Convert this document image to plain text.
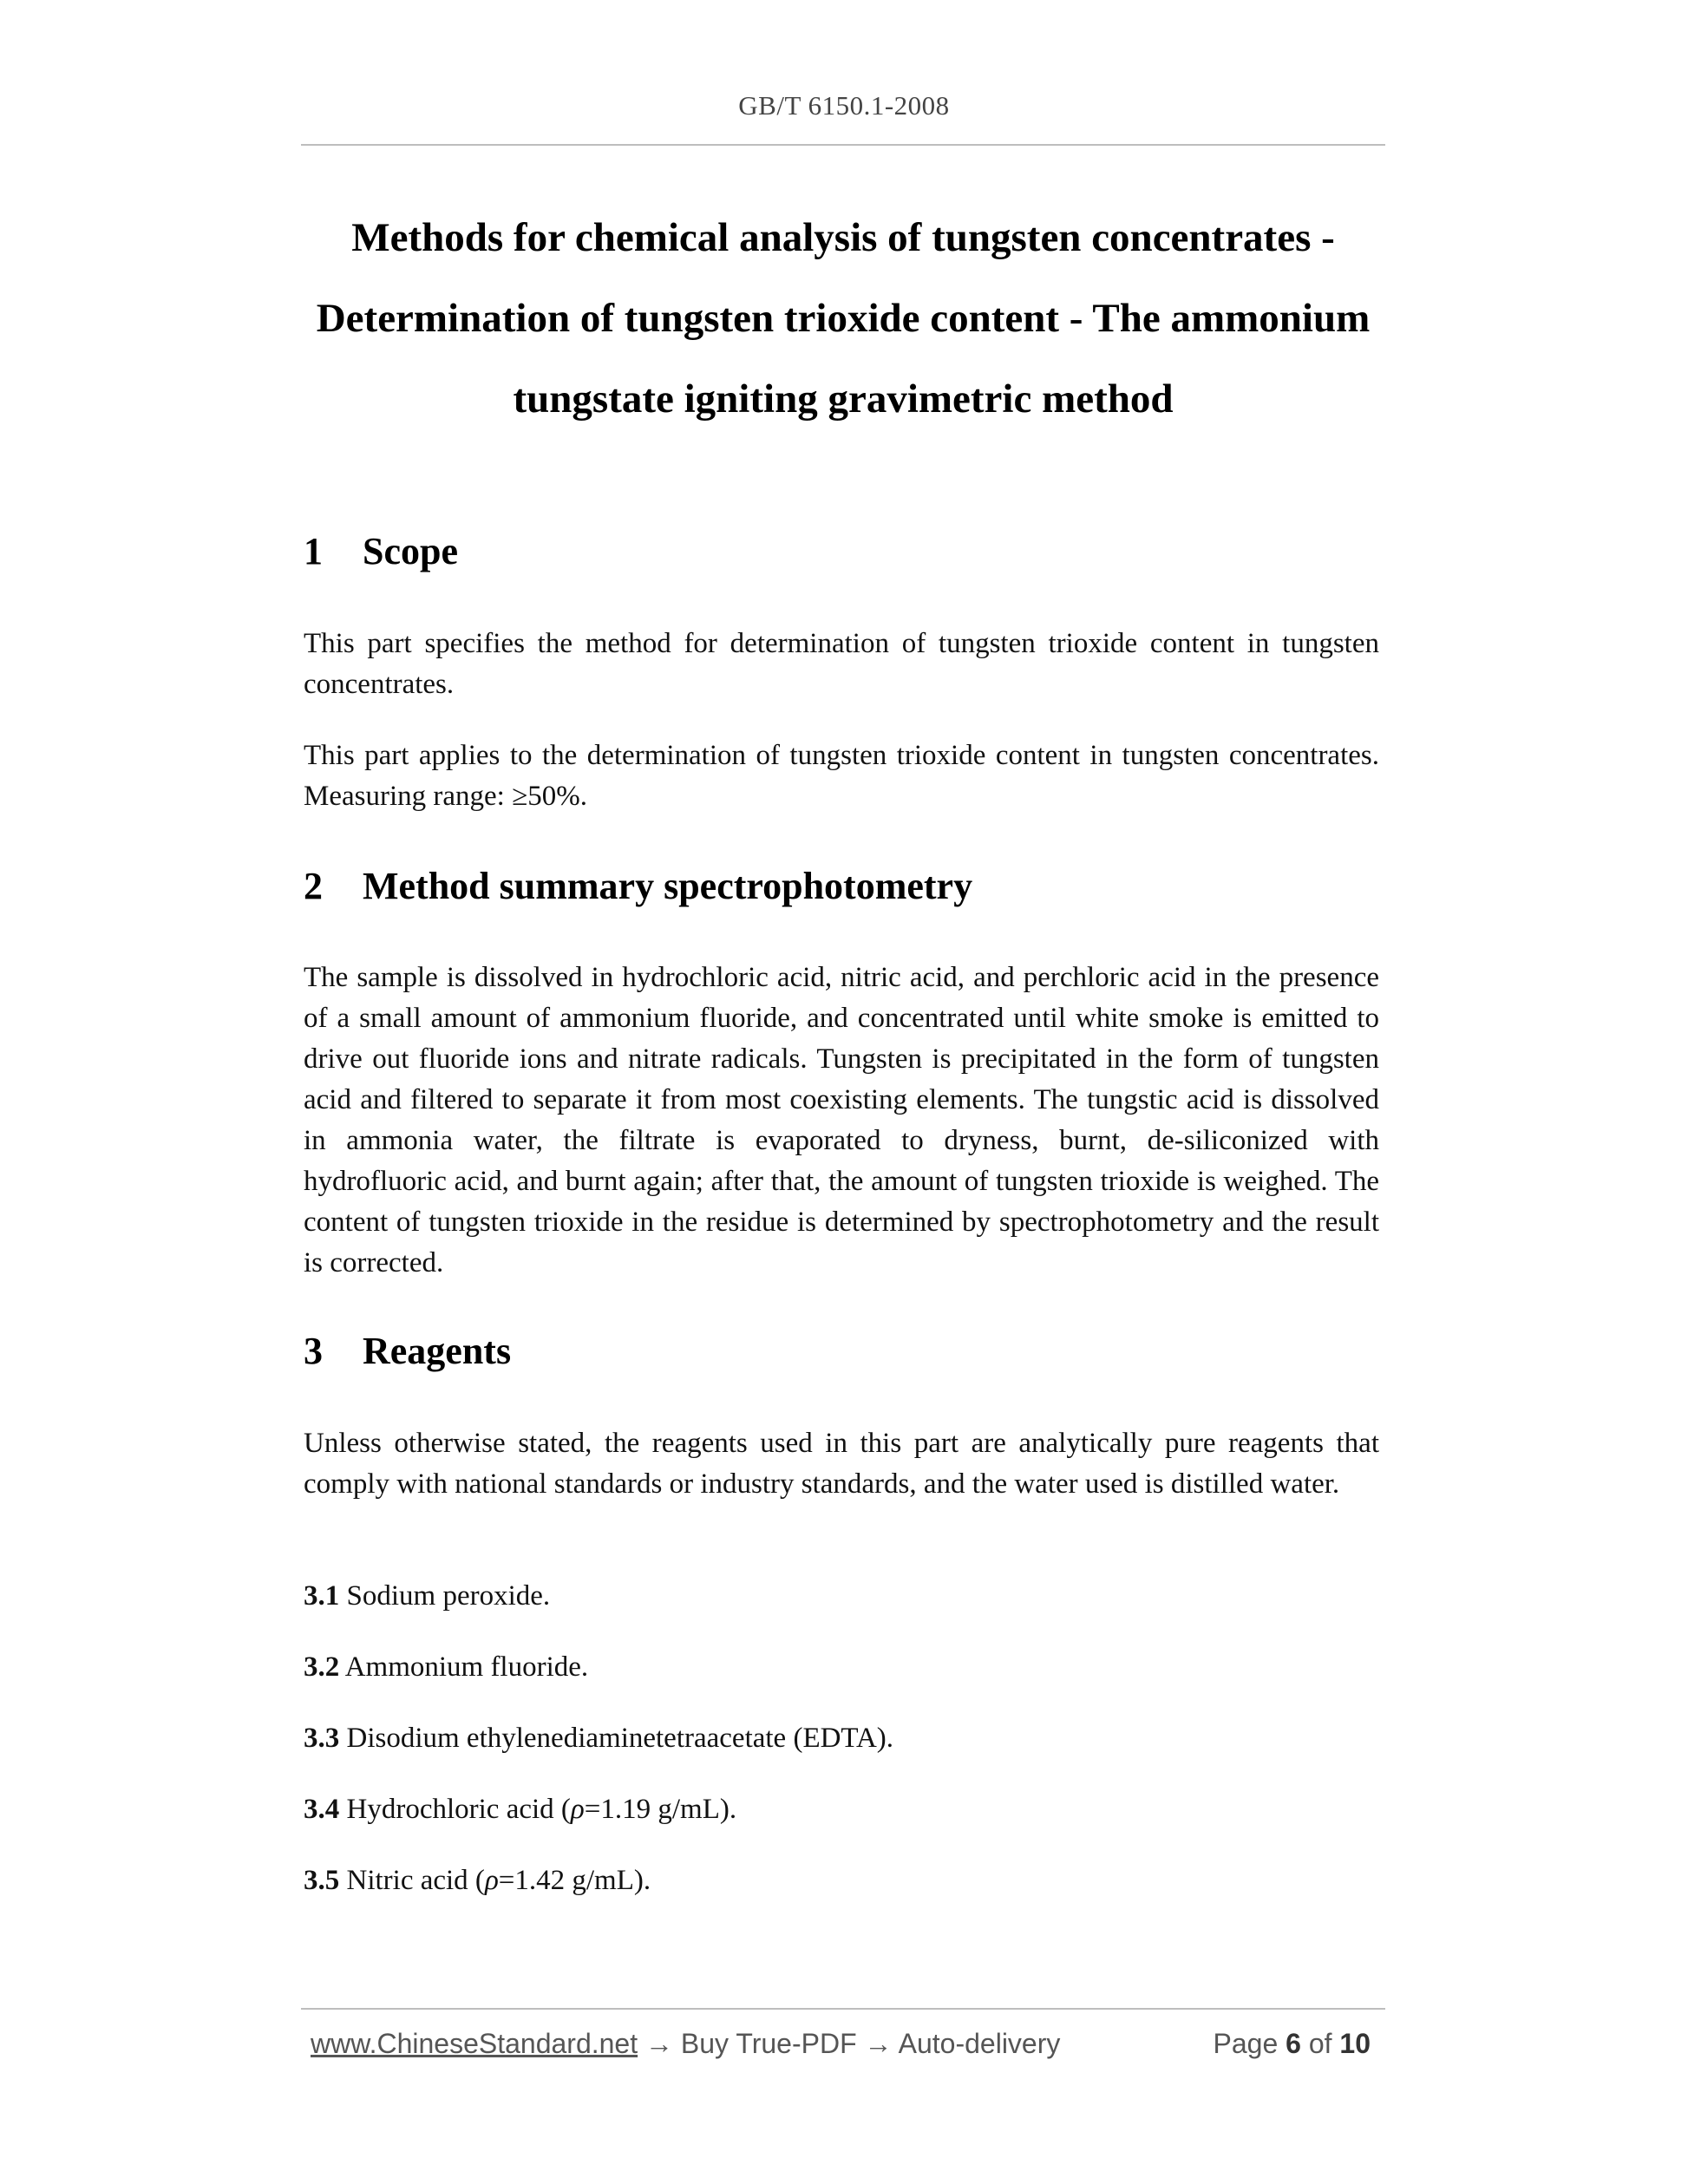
GB/T 6150.1-2008
Methods for chemical analysis of tungsten concentrates -
Determination of tungsten trioxide content - The ammonium
tungstate igniting gravimetric method
1 Scope
This part specifies the method for determination of tungsten trioxide content in tungsten concentrates.
This part applies to the determination of tungsten trioxide content in tungsten concentrates. Measuring range: ≥50%.
2 Method summary spectrophotometry
The sample is dissolved in hydrochloric acid, nitric acid, and perchloric acid in the presence of a small amount of ammonium fluoride, and concentrated until white smoke is emitted to drive out fluoride ions and nitrate radicals. Tungsten is precipitated in the form of tungsten acid and filtered to separate it from most coexisting elements. The tungstic acid is dissolved in ammonia water, the filtrate is evaporated to dryness, burnt, de-siliconized with hydrofluoric acid, and burnt again; after that, the amount of tungsten trioxide is weighed. The content of tungsten trioxide in the residue is determined by spectrophotometry and the result is corrected.
3 Reagents
Unless otherwise stated, the reagents used in this part are analytically pure reagents that comply with national standards or industry standards, and the water used is distilled water.
3.1 Sodium peroxide.
3.2 Ammonium fluoride.
3.3 Disodium ethylenediaminetetraacetate (EDTA).
3.4 Hydrochloric acid (ρ=1.19 g/mL).
3.5 Nitric acid (ρ=1.42 g/mL).
www.ChineseStandard.net → Buy True-PDF → Auto-delivery	Page 6 of 10
